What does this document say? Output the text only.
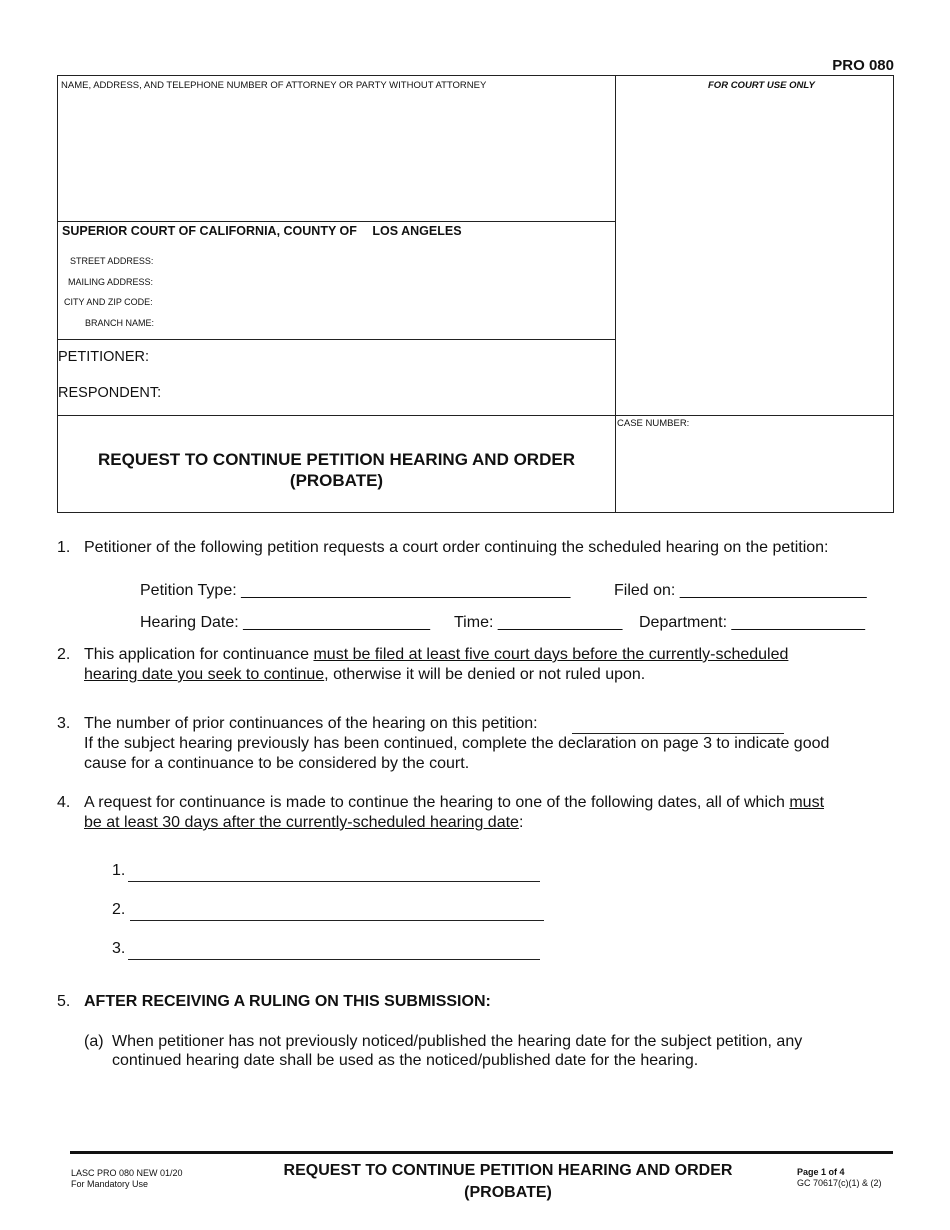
PRO 080
NAME, ADDRESS, AND TELEPHONE NUMBER OF ATTORNEY OR PARTY WITHOUT ATTORNEY	FOR COURT USE ONLY
SUPERIOR COURT OF CALIFORNIA, COUNTY OF LOS ANGELES
STREET ADDRESS:
MAILING ADDRESS:
CITY AND ZIP CODE:
BRANCH NAME:
PETITIONER:
RESPONDENT:
CASE NUMBER:
REQUEST TO CONTINUE PETITION HEARING AND ORDER
(PROBATE)
1. Petitioner of the following petition requests a court order continuing the scheduled hearing on the petition:
Petition Type: _____________________________________	Filed on: _____________________
Hearing Date: _____________________ Time: ______________ Department: _______________
2. This application for continuance must be filed at least five court days before the currently-scheduled
hearing date you seek to continue, otherwise it will be denied or not ruled upon.
3. The number of prior continuances of the hearing on this petition:
If the subject hearing previously has been continued, complete the declaration on page 3 to indicate good
cause for a continuance to be considered by the court.
4. A request for continuance is made to continue the hearing to one of the following dates, all of which must
be at least 30 days after the currently-scheduled hearing date:
1.
2.
3.
5. AFTER RECEIVING A RULING ON THIS SUBMISSION:
(a) When petitioner has not previously noticed/published the hearing date for the subject petition, any
continued hearing date shall be used as the noticed/published date for the hearing.
LASC PRO 080 NEW 01/20
For Mandatory Use
REQUEST TO CONTINUE PETITION HEARING AND ORDER
(PROBATE)
Page 1 of 4
GC 70617(c)(1) & (2)
